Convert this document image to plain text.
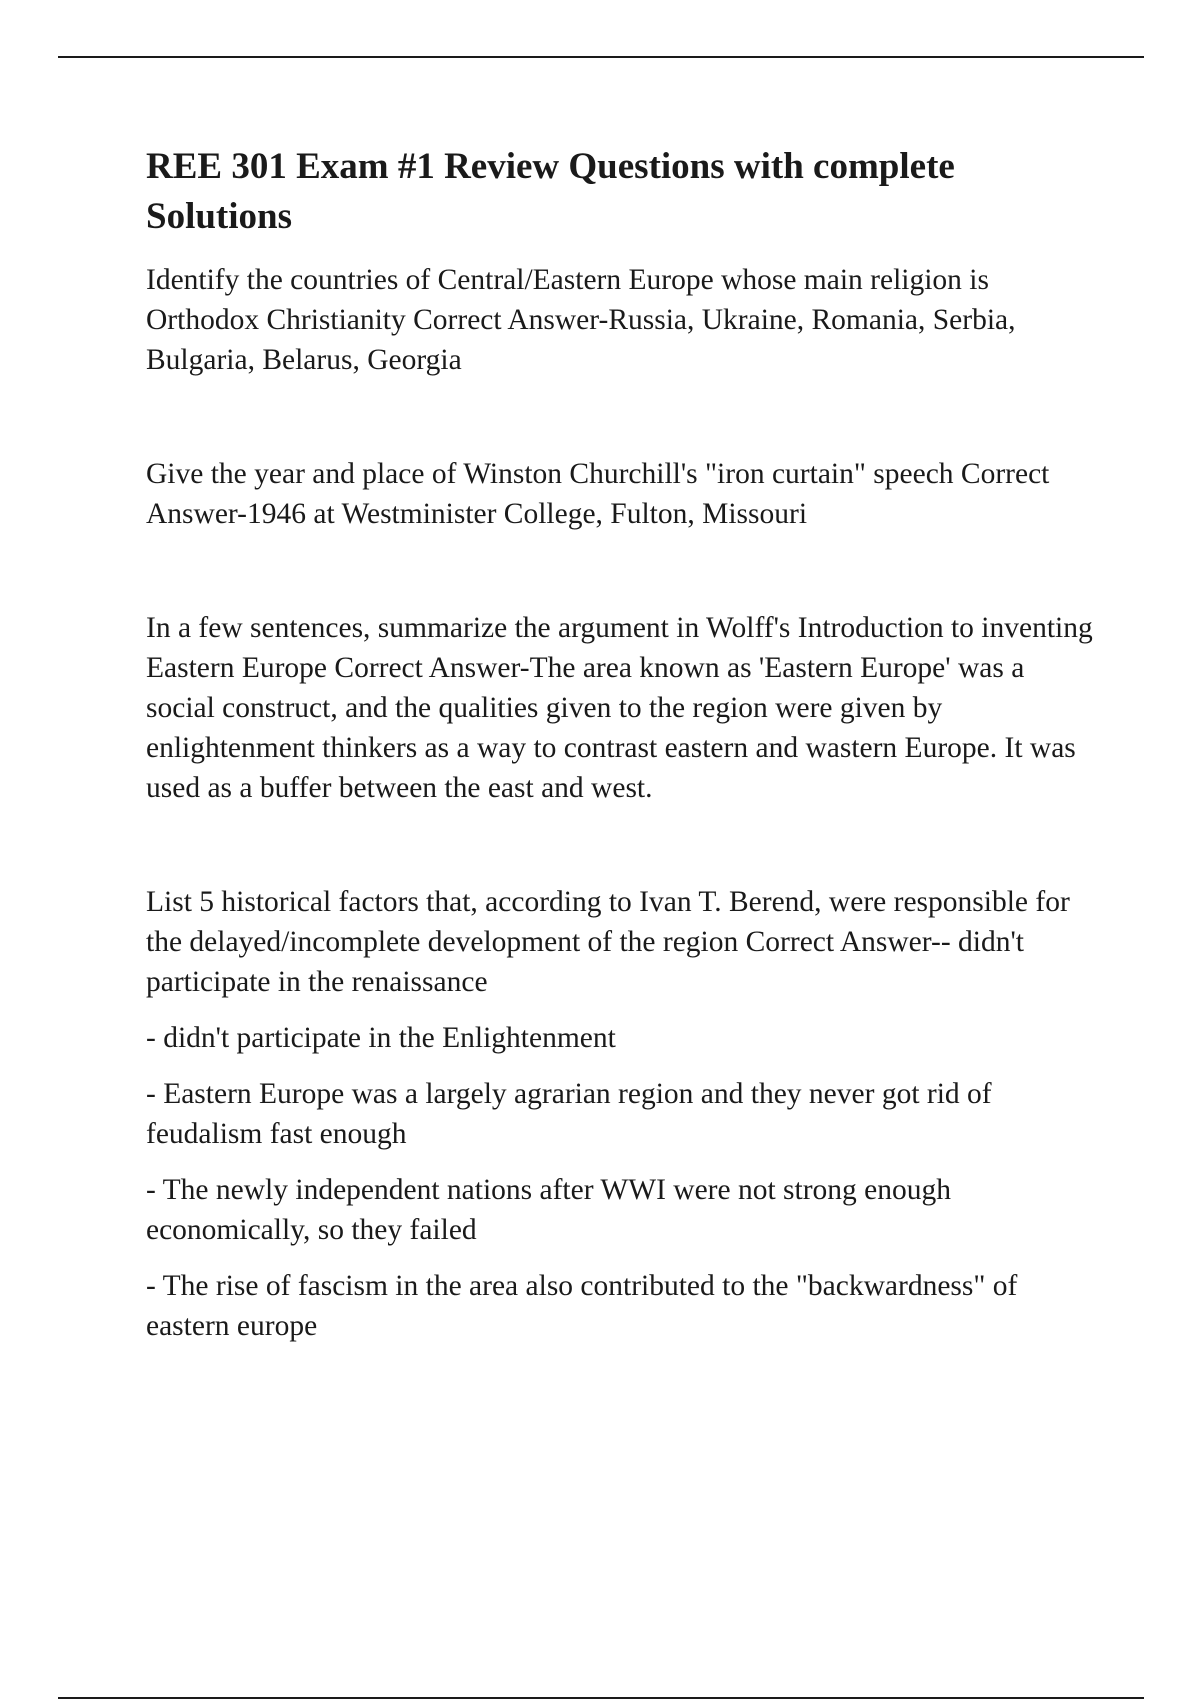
REE 301 Exam #1 Review Questions with complete Solutions

Identify the countries of Central/Eastern Europe whose main religion is Orthodox Christianity Correct Answer-Russia, Ukraine, Romania, Serbia, Bulgaria, Belarus, Georgia

Give the year and place of Winston Churchill's "iron curtain" speech Correct Answer-1946 at Westminister College, Fulton, Missouri

In a few sentences, summarize the argument in Wolff's Introduction to inventing Eastern Europe Correct Answer-The area known as 'Eastern Europe' was a social construct, and the qualities given to the region were given by enlightenment thinkers as a way to contrast eastern and wastern Europe. It was used as a buffer between the east and west.

List 5 historical factors that, according to Ivan T. Berend, were responsible for the delayed/incomplete development of the region Correct Answer-- didn't participate in the renaissance

- didn't participate in the Enlightenment

- Eastern Europe was a largely agrarian region and they never got rid of feudalism fast enough

- The newly independent nations after WWI were not strong enough economically, so they failed

- The rise of fascism in the area also contributed to the "backwardness" of eastern europe
